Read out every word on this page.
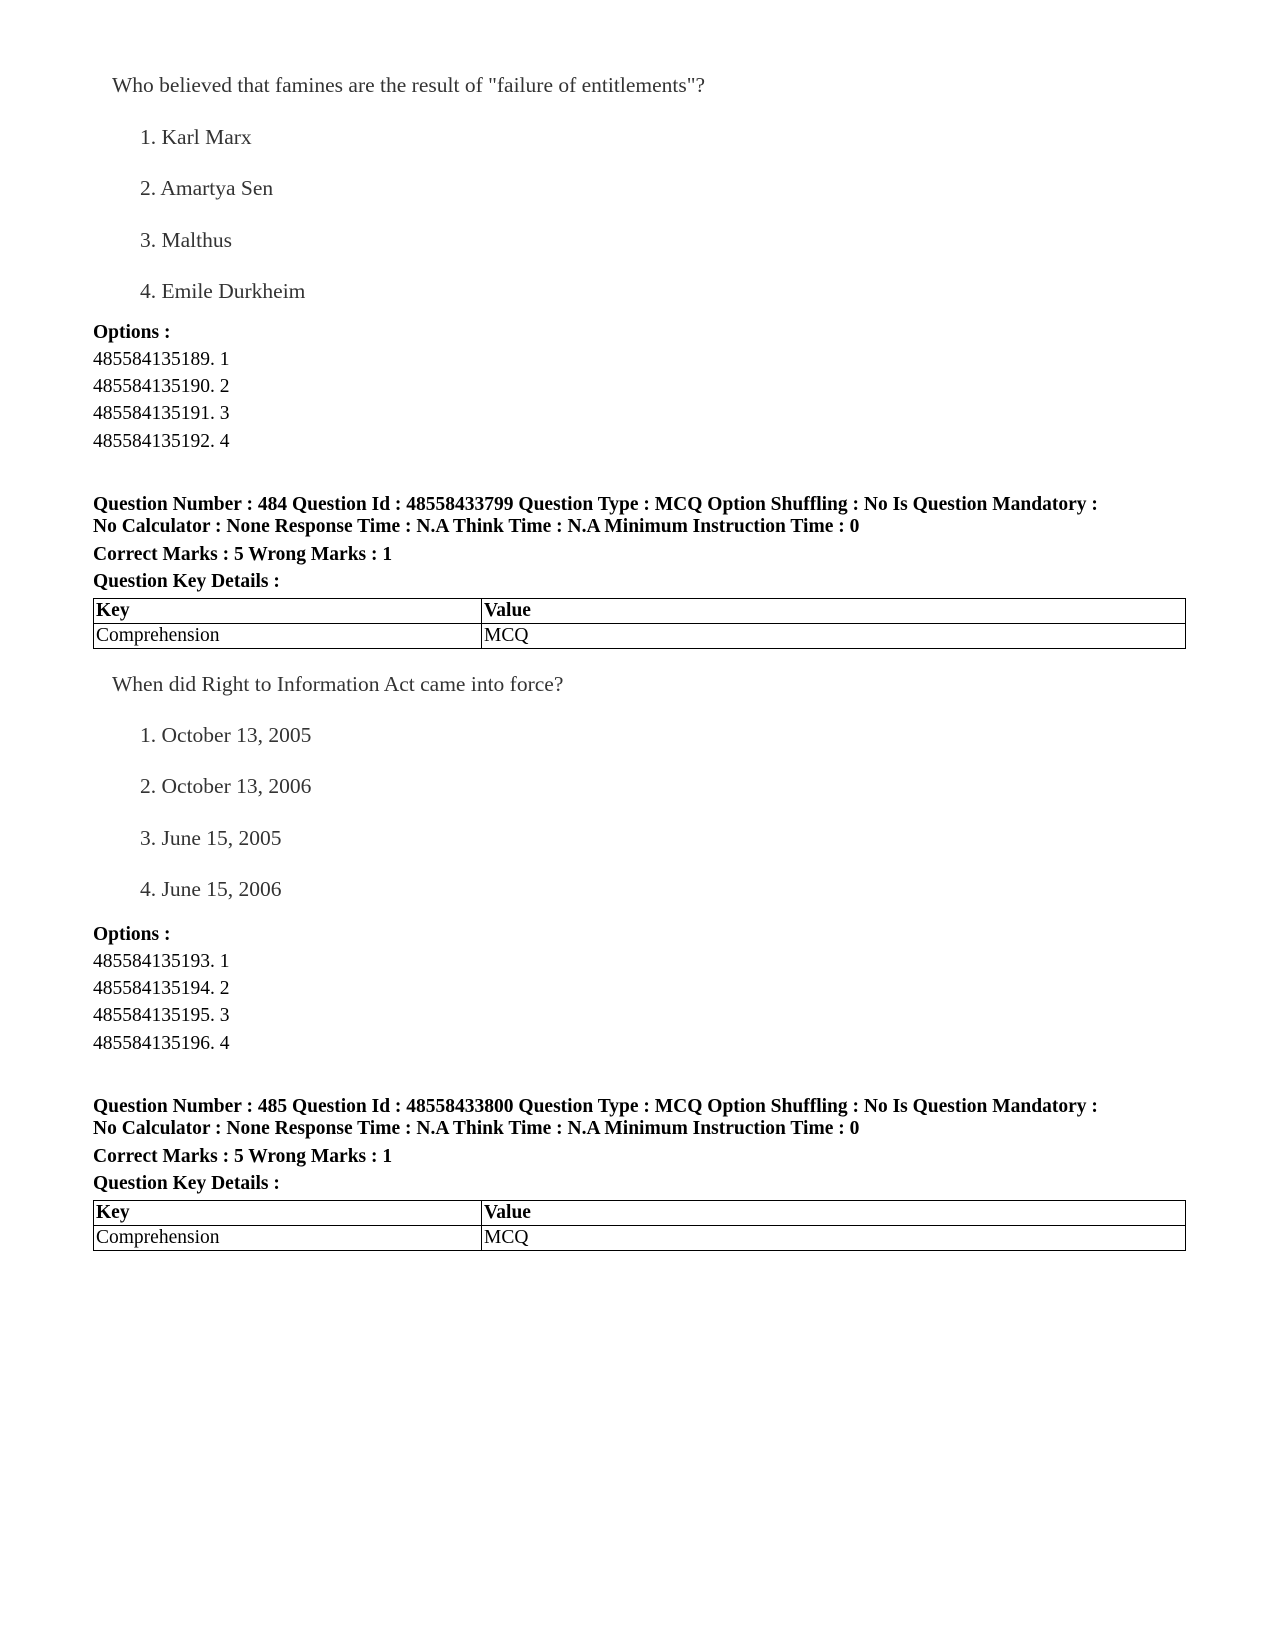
Who believed that famines are the result of "failure of entitlements"?
1. Karl Marx
2. Amartya Sen
3. Malthus
4. Emile Durkheim
Options :
485584135189. 1
485584135190. 2
485584135191. 3
485584135192. 4
Question Number : 484 Question Id : 48558433799 Question Type : MCQ Option Shuffling : No Is Question Mandatory :
No Calculator : None Response Time : N.A Think Time : N.A Minimum Instruction Time : 0
Correct Marks : 5 Wrong Marks : 1
Question Key Details :
Key	Value
Comprehension	MCQ
When did Right to Information Act came into force?
1. October 13, 2005
2. October 13, 2006
3. June 15, 2005
4. June 15, 2006
Options :
485584135193. 1
485584135194. 2
485584135195. 3
485584135196. 4
Question Number : 485 Question Id : 48558433800 Question Type : MCQ Option Shuffling : No Is Question Mandatory :
No Calculator : None Response Time : N.A Think Time : N.A Minimum Instruction Time : 0
Correct Marks : 5 Wrong Marks : 1
Question Key Details :
Key	Value
Comprehension	MCQ
